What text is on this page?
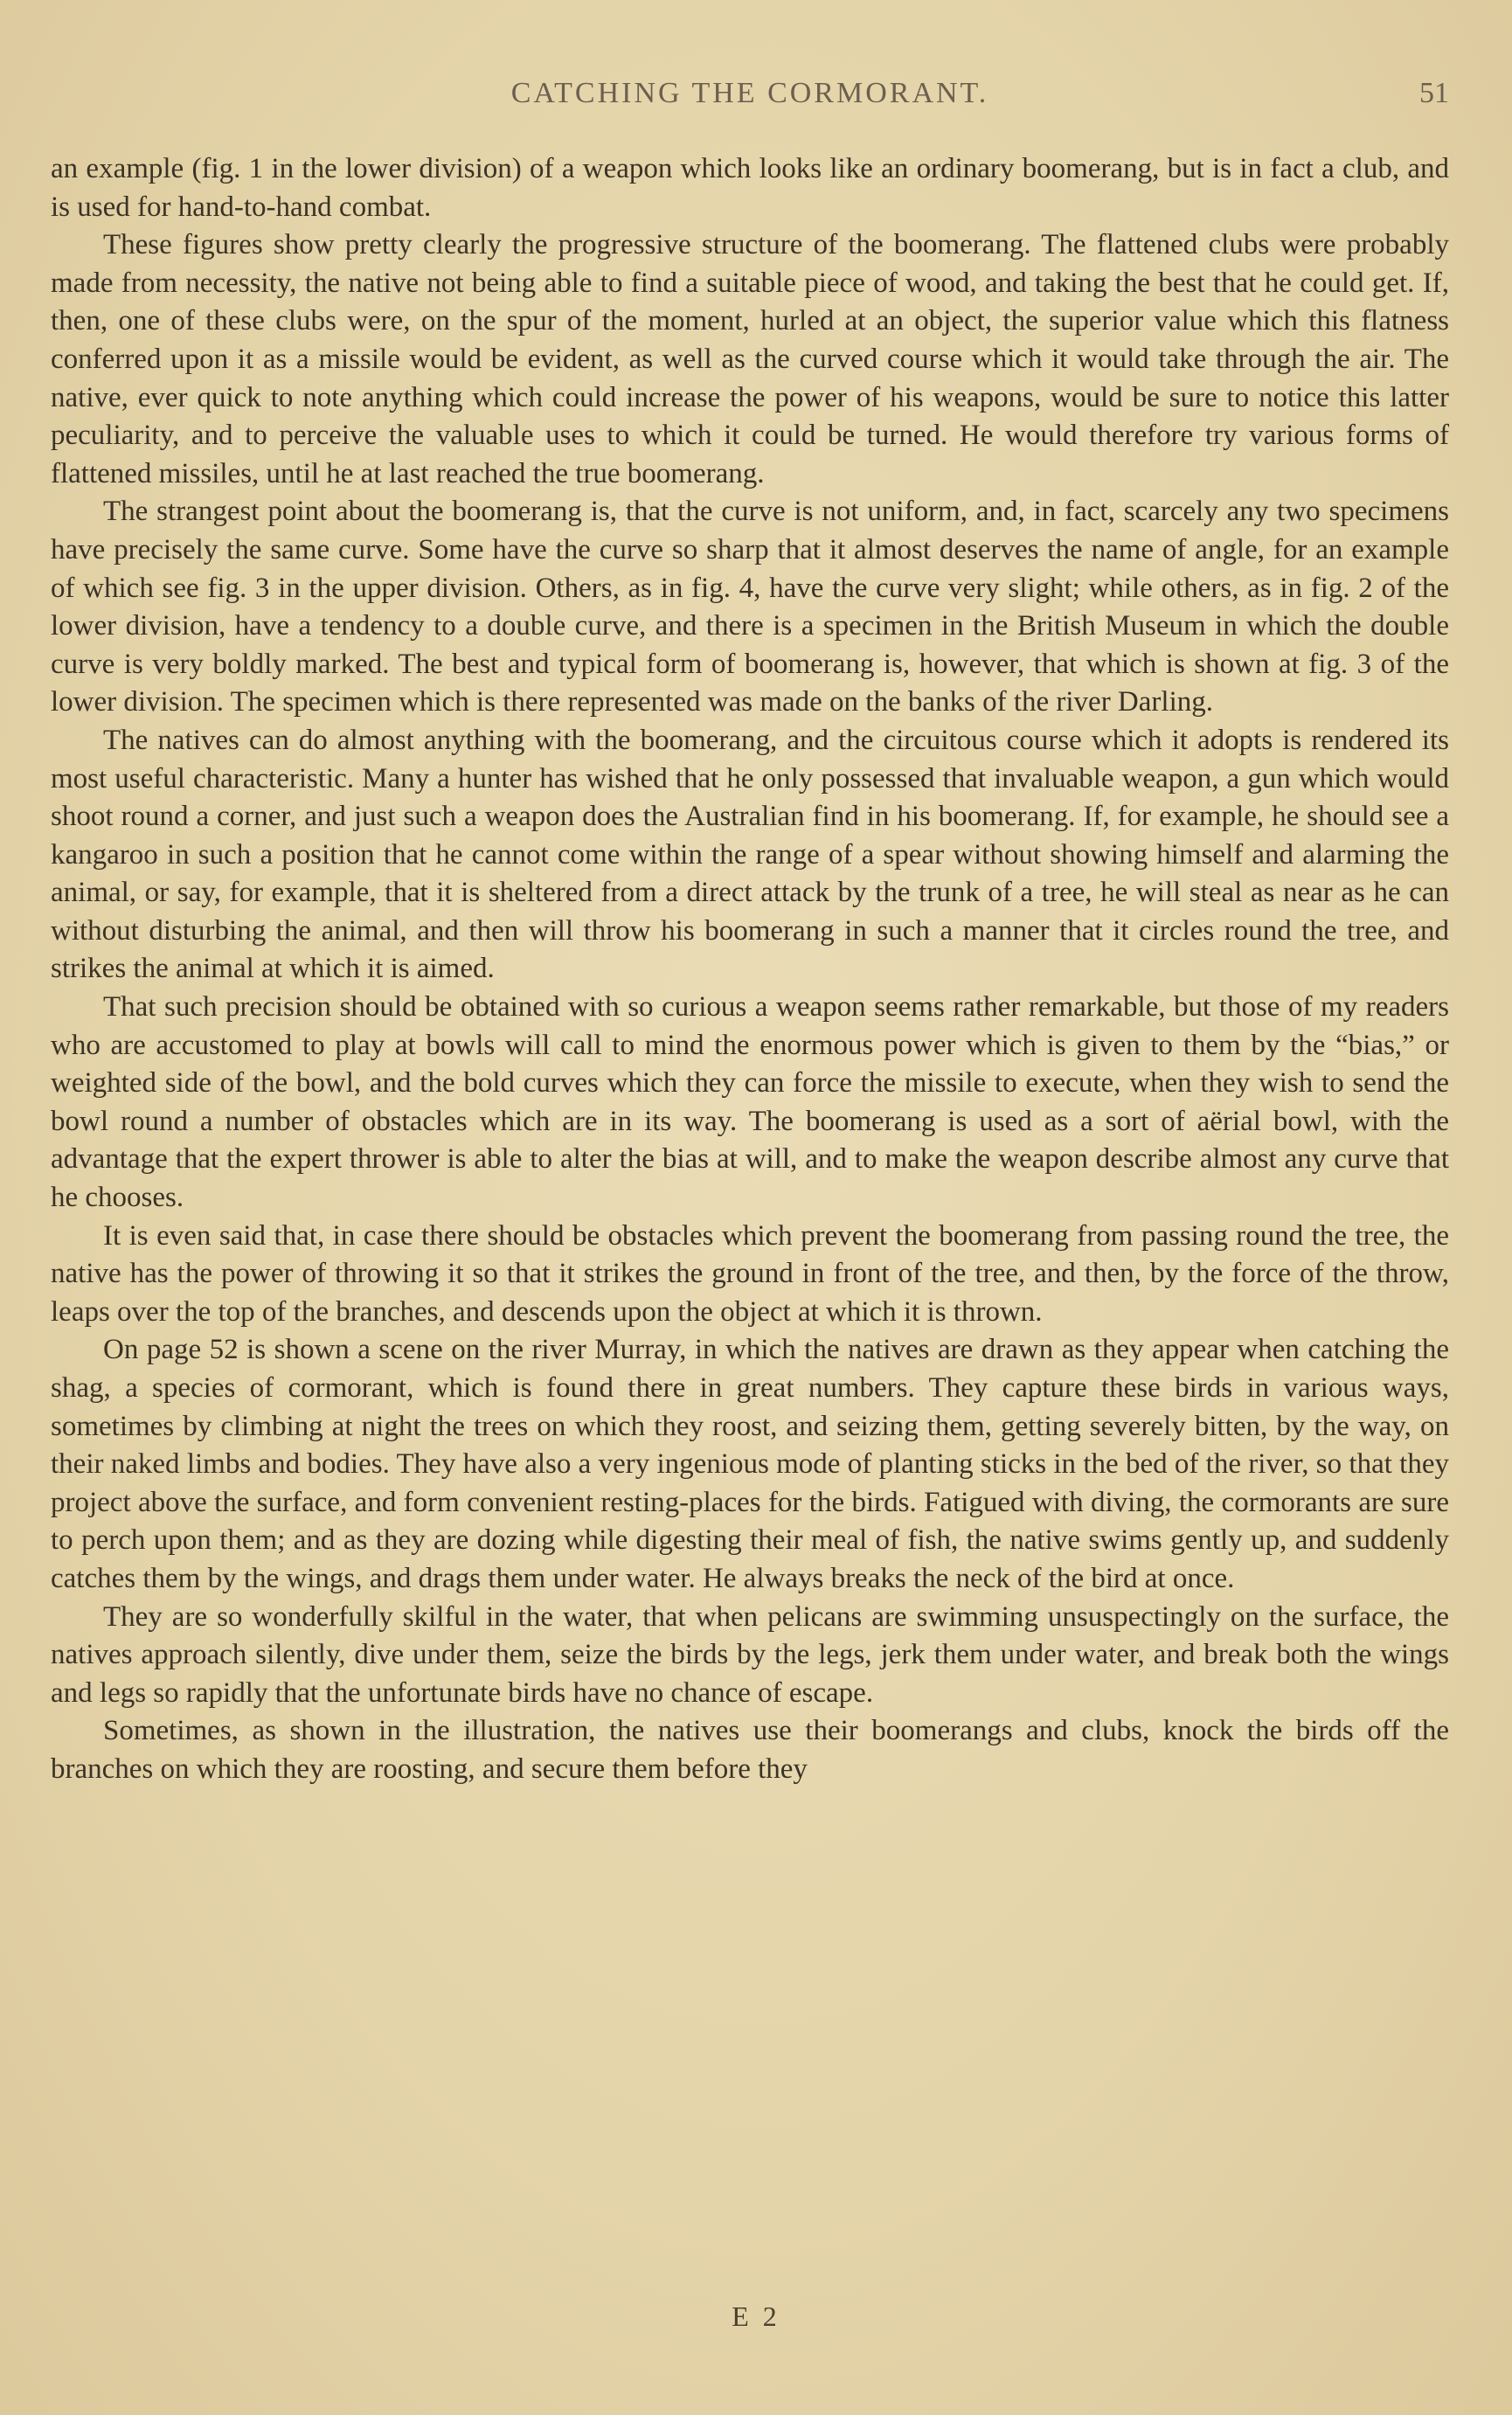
CATCHING THE CORMORANT.	51

an example (fig. 1 in the lower division) of a weapon which looks like an ordinary boomerang, but is in fact a club, and is used for hand-to-hand combat.

These figures show pretty clearly the progressive structure of the boomerang. The flattened clubs were probably made from necessity, the native not being able to find a suitable piece of wood, and taking the best that he could get. If, then, one of these clubs were, on the spur of the moment, hurled at an object, the superior value which this flatness conferred upon it as a missile would be evident, as well as the curved course which it would take through the air. The native, ever quick to note anything which could increase the power of his weapons, would be sure to notice this latter peculiarity, and to perceive the valuable uses to which it could be turned. He would therefore try various forms of flattened missiles, until he at last reached the true boomerang.

The strangest point about the boomerang is, that the curve is not uniform, and, in fact, scarcely any two specimens have precisely the same curve. Some have the curve so sharp that it almost deserves the name of angle, for an example of which see fig. 3 in the upper division. Others, as in fig. 4, have the curve very slight; while others, as in fig. 2 of the lower division, have a tendency to a double curve, and there is a specimen in the British Museum in which the double curve is very boldly marked. The best and typical form of boomerang is, however, that which is shown at fig. 3 of the lower division. The specimen which is there represented was made on the banks of the river Darling.

The natives can do almost anything with the boomerang, and the circuitous course which it adopts is rendered its most useful characteristic. Many a hunter has wished that he only possessed that invaluable weapon, a gun which would shoot round a corner, and just such a weapon does the Australian find in his boomerang. If, for example, he should see a kangaroo in such a position that he cannot come within the range of a spear without showing himself and alarming the animal, or say, for example, that it is sheltered from a direct attack by the trunk of a tree, he will steal as near as he can without disturbing the animal, and then will throw his boomerang in such a manner that it circles round the tree, and strikes the animal at which it is aimed.

That such precision should be obtained with so curious a weapon seems rather remarkable, but those of my readers who are accustomed to play at bowls will call to mind the enormous power which is given to them by the “bias,” or weighted side of the bowl, and the bold curves which they can force the missile to execute, when they wish to send the bowl round a number of obstacles which are in its way. The boomerang is used as a sort of aërial bowl, with the advantage that the expert thrower is able to alter the bias at will, and to make the weapon describe almost any curve that he chooses.

It is even said that, in case there should be obstacles which prevent the boomerang from passing round the tree, the native has the power of throwing it so that it strikes the ground in front of the tree, and then, by the force of the throw, leaps over the top of the branches, and descends upon the object at which it is thrown.

On page 52 is shown a scene on the river Murray, in which the natives are drawn as they appear when catching the shag, a species of cormorant, which is found there in great numbers. They capture these birds in various ways, sometimes by climbing at night the trees on which they roost, and seizing them, getting severely bitten, by the way, on their naked limbs and bodies. They have also a very ingenious mode of planting sticks in the bed of the river, so that they project above the surface, and form convenient resting-places for the birds. Fatigued with diving, the cormorants are sure to perch upon them; and as they are dozing while digesting their meal of fish, the native swims gently up, and suddenly catches them by the wings, and drags them under water. He always breaks the neck of the bird at once.

They are so wonderfully skilful in the water, that when pelicans are swimming unsuspectingly on the surface, the natives approach silently, dive under them, seize the birds by the legs, jerk them under water, and break both the wings and legs so rapidly that the unfortunate birds have no chance of escape.

Sometimes, as shown in the illustration, the natives use their boomerangs and clubs, knock the birds off the branches on which they are roosting, and secure them before they

E 2
